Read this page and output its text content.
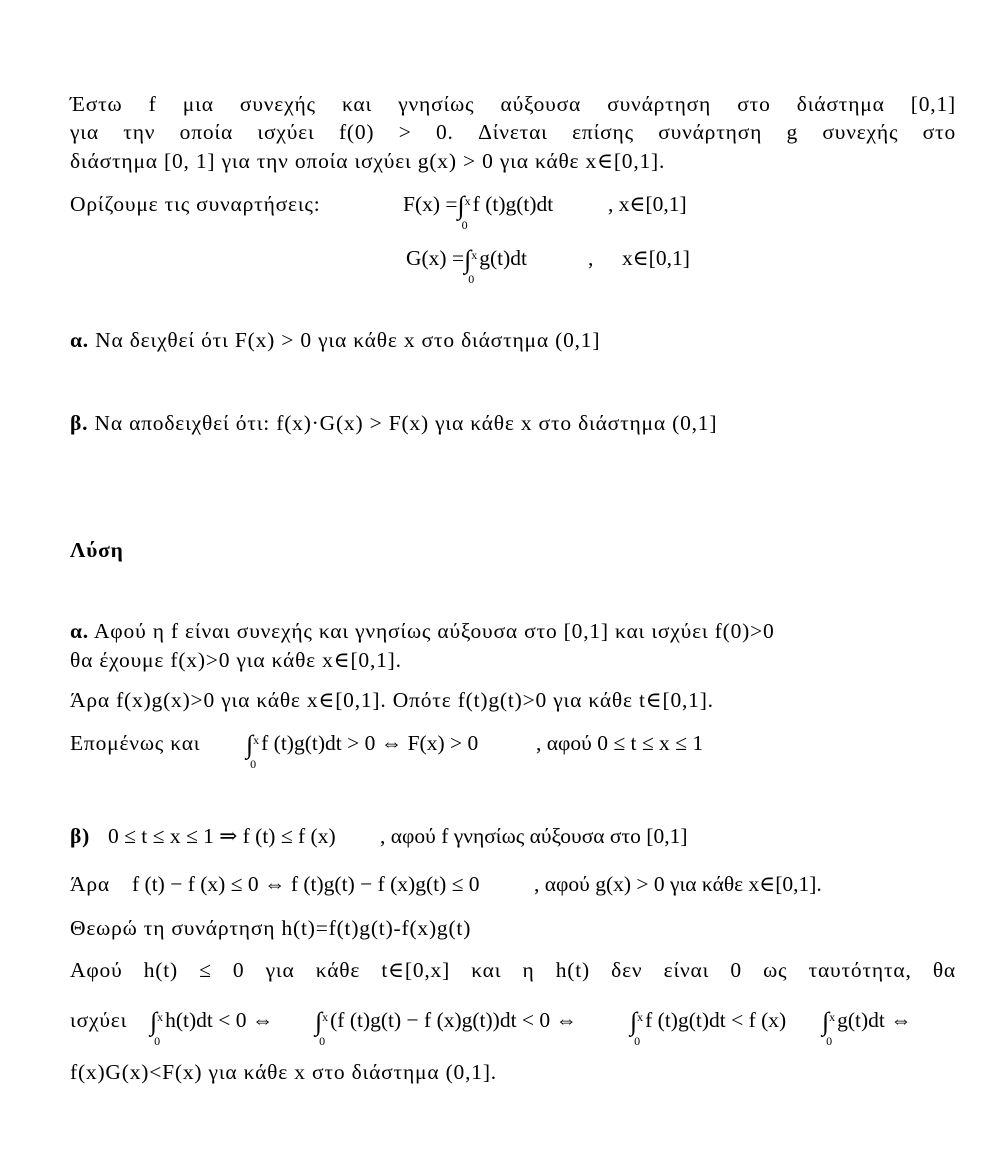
Έστω f μια συνεχής και γνησίως αύξουσα συνάρτηση στο διάστημα [0,1]
για την οποία ισχύει f(0) > 0. Δίνεται επίσης συνάρτηση g συνεχής στο
διάστημα [0, 1] για την οποία ισχύει g(x) > 0 για κάθε x∈[0,1].
Ορίζουμε τις συναρτήσεις:	F(x) =∫ x
0
f (t)g(t)dt	, x∈[0,1]
G(x) =∫ x
0
g(t)dt	, x∈[0,1]
α. Να δειχθεί ότι F(x) > 0 για κάθε x στο διάστημα (0,1]
β. Να αποδειχθεί ότι: f(x)·G(x) > F(x) για κάθε x στο διάστημα (0,1]
Λύση
α. Αφού η f είναι συνεχής και γνησίως αύξουσα στο [0,1] και ισχύει f(0)>0
θα έχουμε f(x)>0 για κάθε x∈[0,1].
Άρα f(x)g(x)>0 για κάθε x∈[0,1]. Οπότε f(t)g(t)>0 για κάθε t∈[0,1].
Επομένως και ∫ x
0
f (t)g(t)dt > 0 ⇔ F(x) > 0	, αφού 0 ≤ t ≤ x ≤ 1
β) 0 ≤ t ≤ x ≤ 1 ⇒ f (t) ≤ f (x) , αφού f γνησίως αύξουσα στο [0,1]
Άρα f (t) − f (x) ≤ 0 ⇔ f (t)g(t) − f (x)g(t) ≤ 0	, αφού g(x) > 0 για κάθε x∈[0,1].
Θεωρώ τη συνάρτηση h(t)=f(t)g(t)-f(x)g(t)
Αφού h(t) ≤ 0 για κάθε t∈[0,x] και η h(t) δεν είναι 0 ως ταυτότητα, θα
ισχύει ∫ x
0
h(t)dt < 0 ⇔ ∫ x
0
(f (t)g(t) − f (x)g(t))dt < 0 ⇔ ∫ x
0
f (t)g(t)dt < f (x) ∫ x
0
g(t)dt ⇔
f(x)G(x)<F(x) για κάθε x στο διάστημα (0,1].
